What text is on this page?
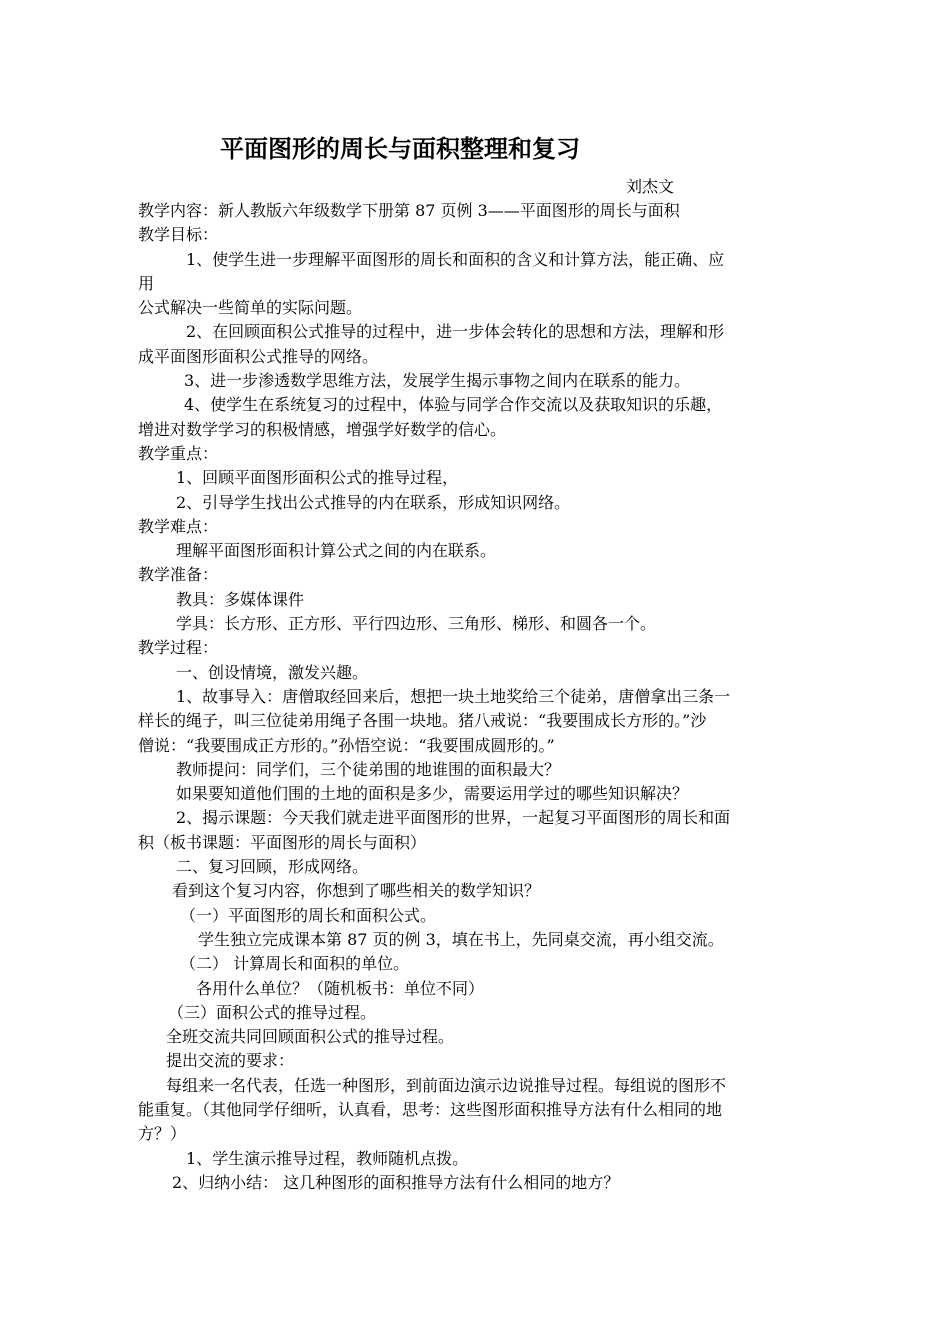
平面图形的周长与面积整理和复习
刘杰文
教学内容：新人教版六年级数学下册第 87 页例 3——平面图形的周长与面积
教学目标：
1、使学生进一步理解平面图形的周长和面积的含义和计算方法，能正确、应
用
公式解决一些简单的实际问题。
2、在回顾面积公式推导的过程中，进一步体会转化的思想和方法，理解和形
成平面图形面积公式推导的网络。
3、进一步渗透数学思维方法，发展学生揭示事物之间内在联系的能力。
4、使学生在系统复习的过程中，体验与同学合作交流以及获取知识的乐趣，
增进对数学学习的积极情感，增强学好数学的信心。
教学重点：
1、回顾平面图形面积公式的推导过程，
2、引导学生找出公式推导的内在联系，形成知识网络。
教学难点：
理解平面图形面积计算公式之间的内在联系。
教学准备：
教具：多媒体课件
学具：长方形、正方形、平行四边形、三角形、梯形、和圆各一个。
教学过程：
一、创设情境，激发兴趣。
1、故事导入：唐僧取经回来后，想把一块土地奖给三个徒弟，唐僧拿出三条一
样长的绳子，叫三位徒弟用绳子各围一块地。猪八戒说：“我要围成长方形的。”沙
僧说：“我要围成正方形的。”孙悟空说：“我要围成圆形的。”
教师提问：同学们，三个徒弟围的地谁围的面积最大？
如果要知道他们围的土地的面积是多少，需要运用学过的哪些知识解决？
2、揭示课题：今天我们就走进平面图形的世界，一起复习平面图形的周长和面
积（板书课题：平面图形的周长与面积）
二、复习回顾，形成网络。
看到这个复习内容，你想到了哪些相关的数学知识？
（一）平面图形的周长和面积公式。
学生独立完成课本第 87 页的例 3，填在书上，先同桌交流，再小组交流。
（二） 计算周长和面积的单位。
各用什么单位？（随机板书：单位不同）
（三）面积公式的推导过程。
全班交流共同回顾面积公式的推导过程。
提出交流的要求：
每组来一名代表，任选一种图形，到前面边演示边说推导过程。每组说的图形不
能重复。（其他同学仔细听，认真看，思考：这些图形面积推导方法有什么相同的地
方？）
1、学生演示推导过程，教师随机点拨。
2、归纳小结： 这几种图形的面积推导方法有什么相同的地方？
